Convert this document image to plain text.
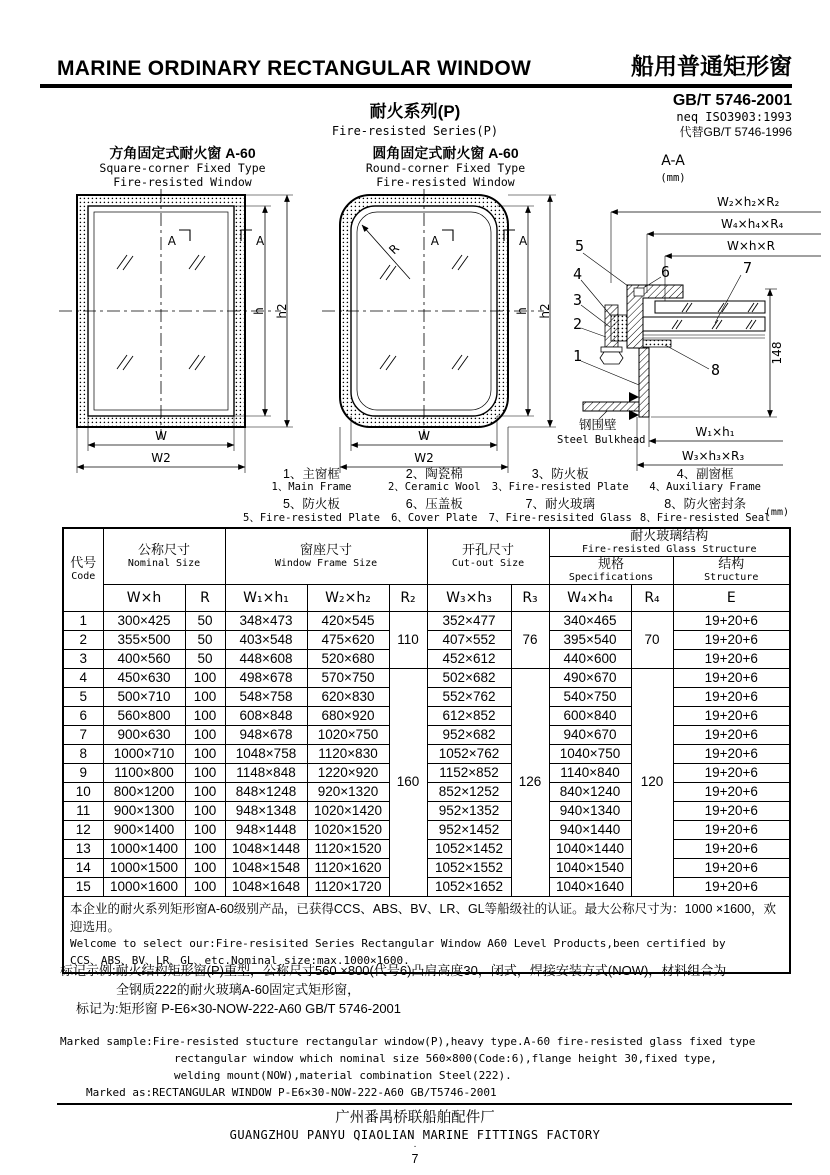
MARINE ORDINARY RECTANGULAR WINDOW	船用普通矩形窗
GB/T 5746-2001
neq ISO3903:1993
代替GB/T 5746-1996
耐火系列(P)
Fire-resisted Series(P)
方角固定式耐火窗 A-60
Square-corner Fixed Type
Fire-resisted Window
A	A
h h2
W
W2
圆角固定式耐火窗 A-60
Round-corner Fixed Type
Fire-resisted Window
R
A	A
h h2
W
W2
A-A
(mm)
W₂×h₂×R₂
W₄×h₄×R₄
W×h×R
148
W₁×h₁
W₃×h₃×R₃
5
4
3
2
1
6	7
8
钢围壁
Steel Bulkhead
1、主窗框
1、Main Frame
2、陶瓷棉
2、Ceramic Wool
3、防火板
3、Fire-resisted Plate
4、副窗框
4、Auxiliary Frame
5、防火板
5、Fire-resisted Plate
6、压盖板
6、Cover Plate
7、耐火玻璃
7、Fire-resisited Glass
8、防火密封条
8、Fire-resisted Seal
(mm)
代号
Code	公称尺寸
Nominal Size		窗座尺寸
Window Frame Size			开孔尺寸
Cut-out Size		耐火玻璃结构
Fire-resisted Glass Structure		

								规格
Specifications		结构
Structure

	W×h	R	W₁×h₁	W₂×h₂	R₂	W₃×h₃	R₃	W₄×h₄	R₄	E
1	300×425	50	348×473	420×545	110	352×477	76	340×465	70	19+20+6
2	355×500	50	403×548	475×620		407×552		395×540		19+20+6
3	400×560	50	448×608	520×680		452×612		440×600		19+20+6
4	450×630	100	498×678	570×750	160	502×682	126	490×670	120	19+20+6
5	500×710	100	548×758	620×830		552×762		540×750		19+20+6
6	560×800	100	608×848	680×920		612×852		600×840		19+20+6
7	900×630	100	948×678	1020×750		952×682		940×670		19+20+6
8	1000×710	100	1048×758	1120×830		1052×762		1040×750		19+20+6
9	1100×800	100	1148×848	1220×920		1152×852		1140×840		19+20+6
10	800×1200	100	848×1248	920×1320		852×1252		840×1240		19+20+6
11	900×1300	100	948×1348	1020×1420		952×1352		940×1340		19+20+6
12	900×1400	100	948×1448	1020×1520		952×1452		940×1440		19+20+6
13	1000×1400	100	1048×1448	1120×1520		1052×1452		1040×1440		19+20+6
14	1000×1500	100	1048×1548	1120×1620		1052×1552		1040×1540		19+20+6
15	1000×1600	100	1048×1648	1120×1720		1052×1652		1040×1640		19+20+6

本企业的耐火系列矩形窗A-60级别产品，已获得CCS、ABS、BV、LR、GL等船级社的认证。最大公称尺寸为：1000 ×1600，欢迎选用。
Welcome to select our:Fire-resisited Series Rectangular Window A60 Level Products,been certified by
CCS、ABS、BV、LR、GL、etc.Nominal size:max.1000×1600.										
标记示例:耐火结构矩形窗(P)重型，公称尺寸560 ×800(代号6)凸肩高度30，闭式，焊接安装方式(NOW)，材料组合为
全钢质222的耐火玻璃A-60固定式矩形窗，
标记为:矩形窗 P-E6×30-NOW-222-A60 GB/T 5746-2001
Marked sample:Fire-resisted stucture rectangular window(P),heavy type.A-60 fire-resisted glass fixed type
rectangular window which nominal size 560×800(Code:6),flange height 30,fixed type,
welding mount(NOW),material combination Steel(222).
Marked as:RECTANGULAR WINDOW P-E6×30-NOW-222-A60 GB/T5746-2001
广州番禺桥联船舶配件厂
GUANGZHOU PANYU QIAOLIAN MARINE FITTINGS FACTORY
·
7
